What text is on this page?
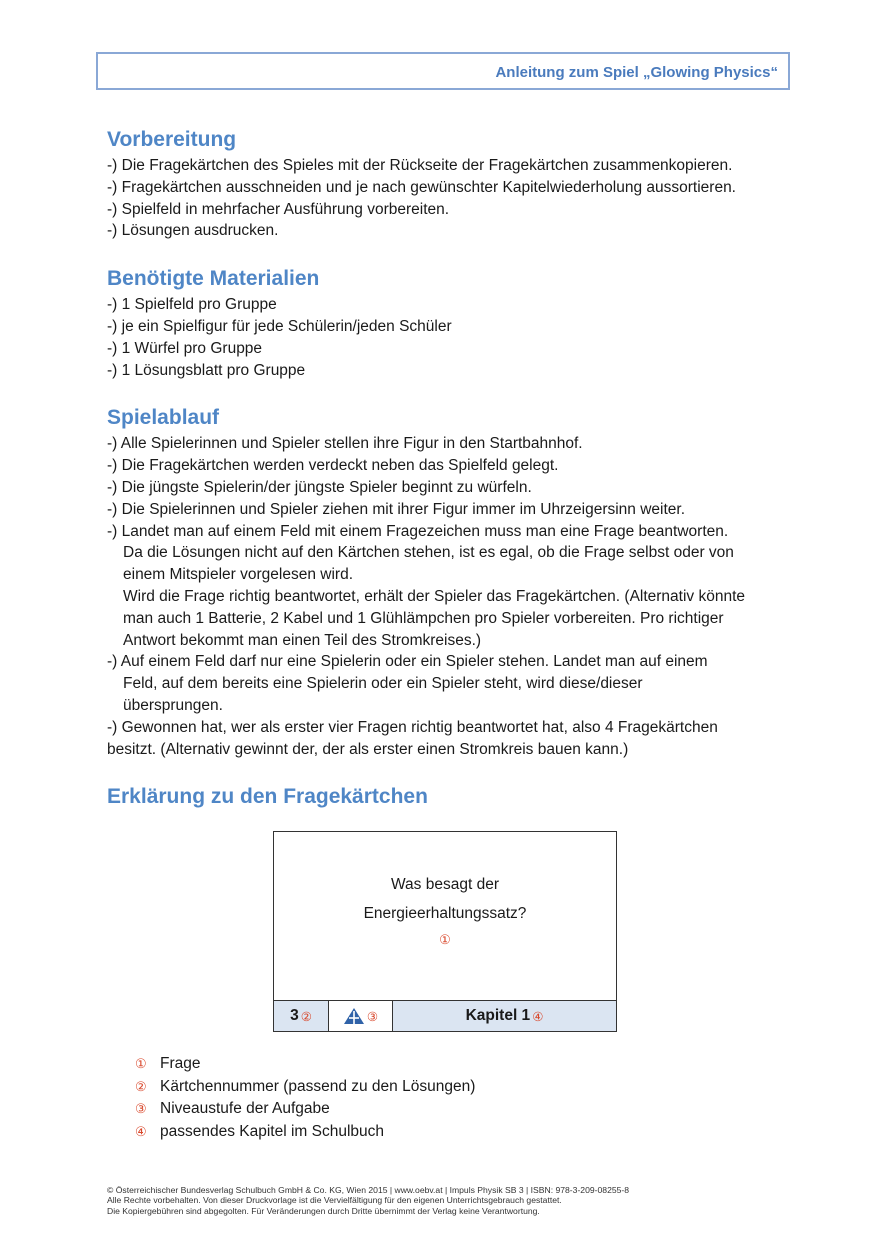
Anleitung zum Spiel „Glowing Physics“
Vorbereitung

-) Die Fragekärtchen des Spieles mit der Rückseite der Fragekärtchen zusammenkopieren.

-) Fragekärtchen ausschneiden und je nach gewünschter Kapitelwiederholung aussortieren.

-) Spielfeld in mehrfacher Ausführung vorbereiten.

-) Lösungen ausdrucken.

Benötigte Materialien

-) 1 Spielfeld pro Gruppe

-) je ein Spielfigur für jede Schülerin/jeden Schüler

-) 1 Würfel pro Gruppe

-) 1 Lösungsblatt pro Gruppe

Spielablauf

-) Alle Spielerinnen und Spieler stellen ihre Figur in den Startbahnhof.

-) Die Fragekärtchen werden verdeckt neben das Spielfeld gelegt.

-) Die jüngste Spielerin/der jüngste Spieler beginnt zu würfeln.

-) Die Spielerinnen und Spieler ziehen mit ihrer Figur immer im Uhrzeigersinn weiter.

-) Landet man auf einem Feld mit einem Fragezeichen muss man eine Frage beantworten.

Da die Lösungen nicht auf den Kärtchen stehen, ist es egal, ob die Frage selbst oder von

einem Mitspieler vorgelesen wird.

Wird die Frage richtig beantwortet, erhält der Spieler das Fragekärtchen. (Alternativ könnte

man auch 1 Batterie, 2 Kabel und 1 Glühlämpchen pro Spieler vorbereiten. Pro richtiger

Antwort bekommt man einen Teil des Stromkreises.)

-) Auf einem Feld darf nur eine Spielerin oder ein Spieler stehen. Landet man auf einem

Feld, auf dem bereits eine Spielerin oder ein Spieler steht, wird diese/dieser

übersprungen.

-) Gewonnen hat, wer als erster vier Fragen richtig beantwortet hat, also 4 Fragekärtchen

besitzt. (Alternativ gewinnt der, der als erster einen Stromkreis bauen kann.)

Erklärung zu den Fragekärtchen
Was besagt der
Energieerhaltungssatz?
①
3 ②	③	Kapitel 1 ④
① Frage
② Kärtchennummer (passend zu den Lösungen)
③ Niveaustufe der Aufgabe
④ passendes Kapitel im Schulbuch

© Österreichischer Bundesverlag Schulbuch GmbH & Co. KG, Wien 2015 | www.oebv.at | Impuls Physik SB 3 | ISBN: 978-3-209-08255-8

Alle Rechte vorbehalten. Von dieser Druckvorlage ist die Vervielfältigung für den eigenen Unterrichtsgebrauch gestattet.

Die Kopiergebühren sind abgegolten. Für Veränderungen durch Dritte übernimmt der Verlag keine Verantwortung.
